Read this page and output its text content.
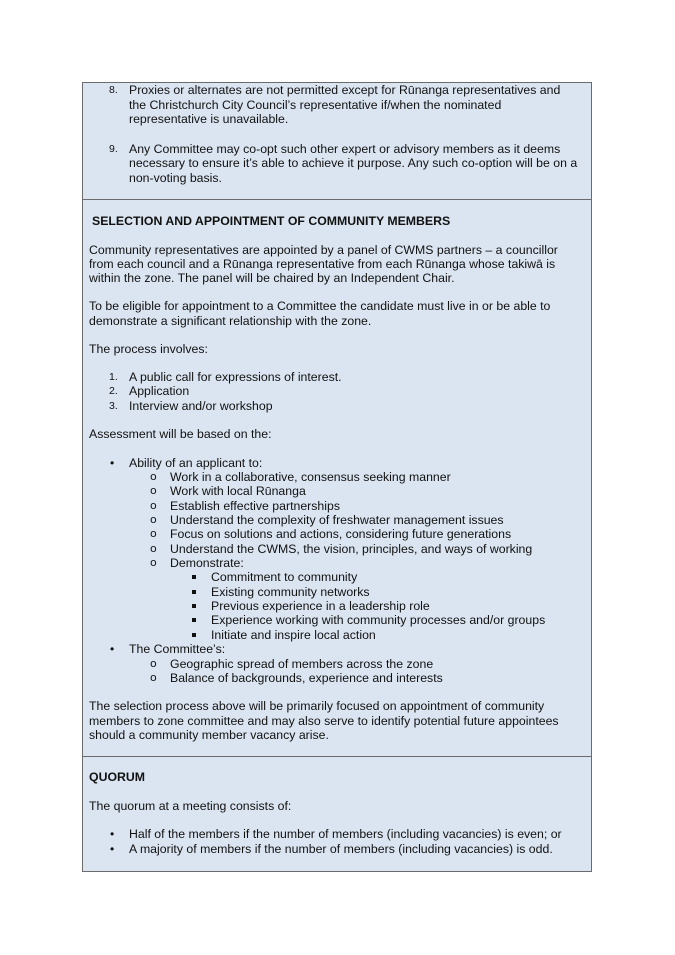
8. Proxies or alternates are not permitted except for Rūnanga representatives and
the Christchurch City Council’s representative if/when the nominated
representative is unavailable.
9. Any Committee may co-opt such other expert or advisory members as it deems
necessary to ensure it’s able to achieve it purpose. Any such co-option will be on a
non-voting basis.
SELECTION AND APPOINTMENT OF COMMUNITY MEMBERS
Community representatives are appointed by a panel of CWMS partners – a councillor
from each council and a Rūnanga representative from each Rūnanga whose takiwā is
within the zone. The panel will be chaired by an Independent Chair.
To be eligible for appointment to a Committee the candidate must live in or be able to
demonstrate a significant relationship with the zone.
The process involves:
1. A public call for expressions of interest.
2. Application
3. Interview and/or workshop
Assessment will be based on the:
• Ability of an applicant to:
o Work in a collaborative, consensus seeking manner
o Work with local Rūnanga
o Establish effective partnerships
o Understand the complexity of freshwater management issues
o Focus on solutions and actions, considering future generations
o Understand the CWMS, the vision, principles, and ways of working
o Demonstrate:
Commitment to community
Existing community networks
Previous experience in a leadership role
Experience working with community processes and/or groups
Initiate and inspire local action
• The Committee’s:
o Geographic spread of members across the zone
o Balance of backgrounds, experience and interests
The selection process above will be primarily focused on appointment of community
members to zone committee and may also serve to identify potential future appointees
should a community member vacancy arise.
QUORUM
The quorum at a meeting consists of:
• Half of the members if the number of members (including vacancies) is even; or
• A majority of members if the number of members (including vacancies) is odd.
